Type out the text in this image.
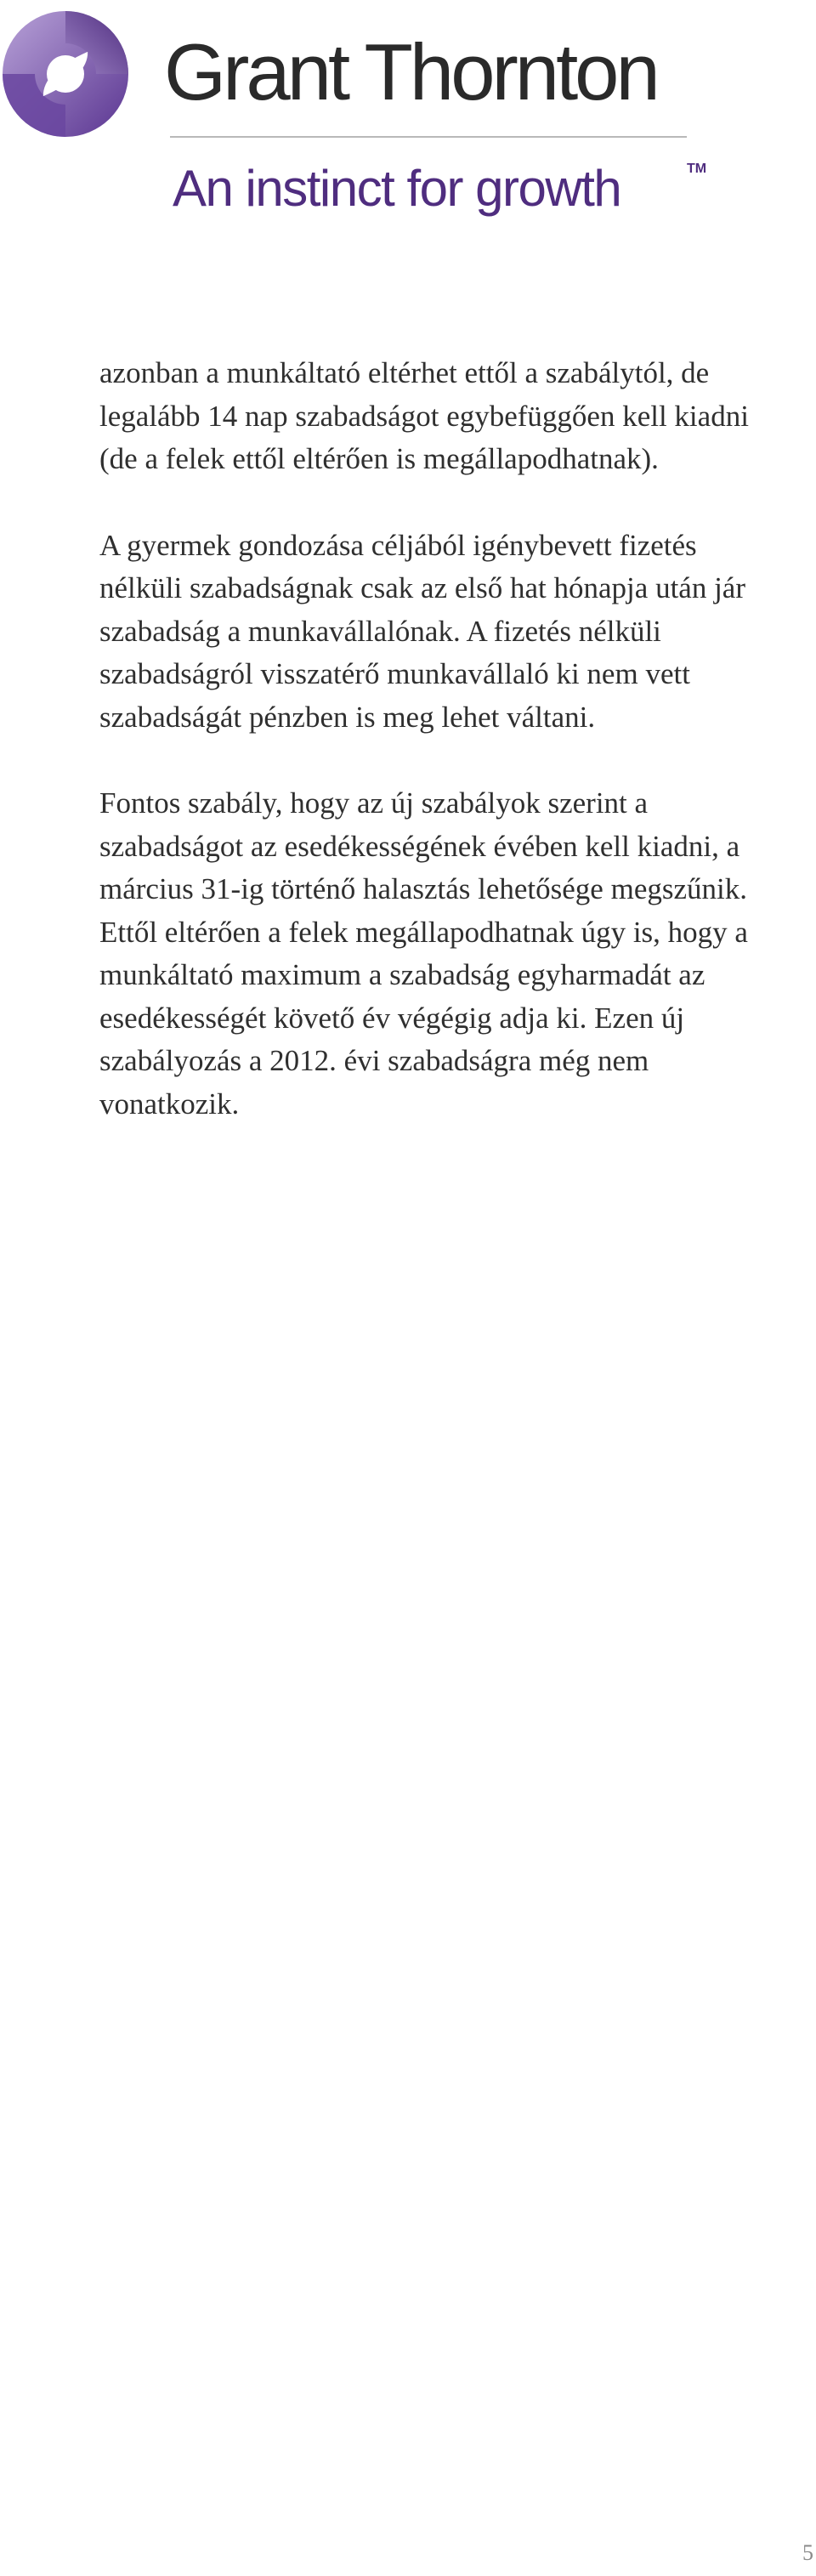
Grant Thornton
An instinct for growth	TM

azonban a munkáltató eltérhet ettől a szabálytól, de legalább 14 nap szabadságot egybefüggően kell kiadni (de a felek ettől eltérően is megállapodhatnak).

A gyermek gondozása céljából igénybevett fizetés nélküli szabadságnak csak az első hat hónapja után jár szabadság a munkavállalónak. A fizetés nélküli szabadságról visszatérő munkavállaló ki nem vett szabadságát pénzben is meg lehet váltani.

Fontos szabály, hogy az új szabályok szerint a szabadságot az esedékességének évében kell kiadni, a március 31-ig történő halasztás lehetősége megszűnik. Ettől eltérően a felek megállapodhatnak úgy is, hogy a munkáltató maximum a szabadság egyharmadát az esedékességét követő év végégig adja ki. Ezen új szabályozás a 2012. évi szabadságra még nem vonatkozik.

5
